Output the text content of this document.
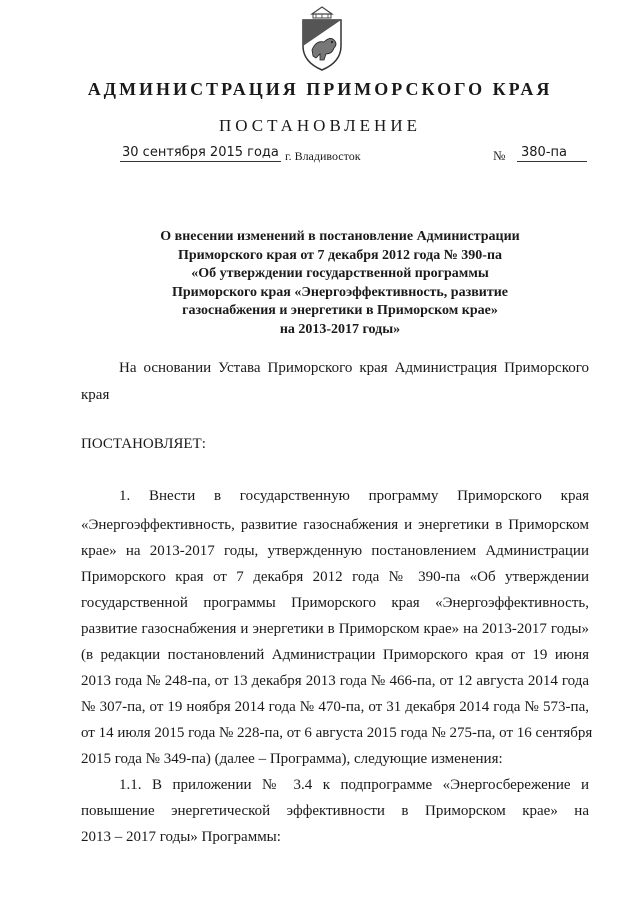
АДМИНИСТРАЦИЯ ПРИМОРСКОГО КРАЯ
ПОСТАНОВЛЕНИЕ
30 сентября 2015 года г. Владивосток	№	380-па
О внесении изменений в постановление Администрации
Приморского края от 7 декабря 2012 года № 390-па
«Об утверждении государственной программы
Приморского края «Энергоэффективность, развитие
газоснабжения и энергетики в Приморском крае»
на 2013-2017 годы»
На основании Устава Приморского края Администрация Приморского
края
ПОСТАНОВЛЯЕТ:
1. Внести в государственную программу Приморского края
«Энергоэффективность, развитие газоснабжения и энергетики в Приморском
крае» на 2013-2017 годы, утвержденную постановлением Администрации
Приморского края от 7 декабря 2012 года № 390-па «Об утверждении
государственной программы Приморского края «Энергоэффективность,
развитие газоснабжения и энергетики в Приморском крае» на 2013-2017 годы»
(в редакции постановлений Администрации Приморского края от 19 июня
2013 года № 248-па, от 13 декабря 2013 года № 466-па, от 12 августа 2014 года
№ 307-па, от 19 ноября 2014 года № 470-па, от 31 декабря 2014 года № 573-па,
от 14 июля 2015 года № 228-па, от 6 августа 2015 года № 275-па, от 16 сентября
2015 года № 349-па) (далее – Программа), следующие изменения:
1.1. В приложении № 3.4 к подпрограмме «Энергосбережение и
повышение энергетической эффективности в Приморском крае» на
2013 – 2017 годы» Программы:
